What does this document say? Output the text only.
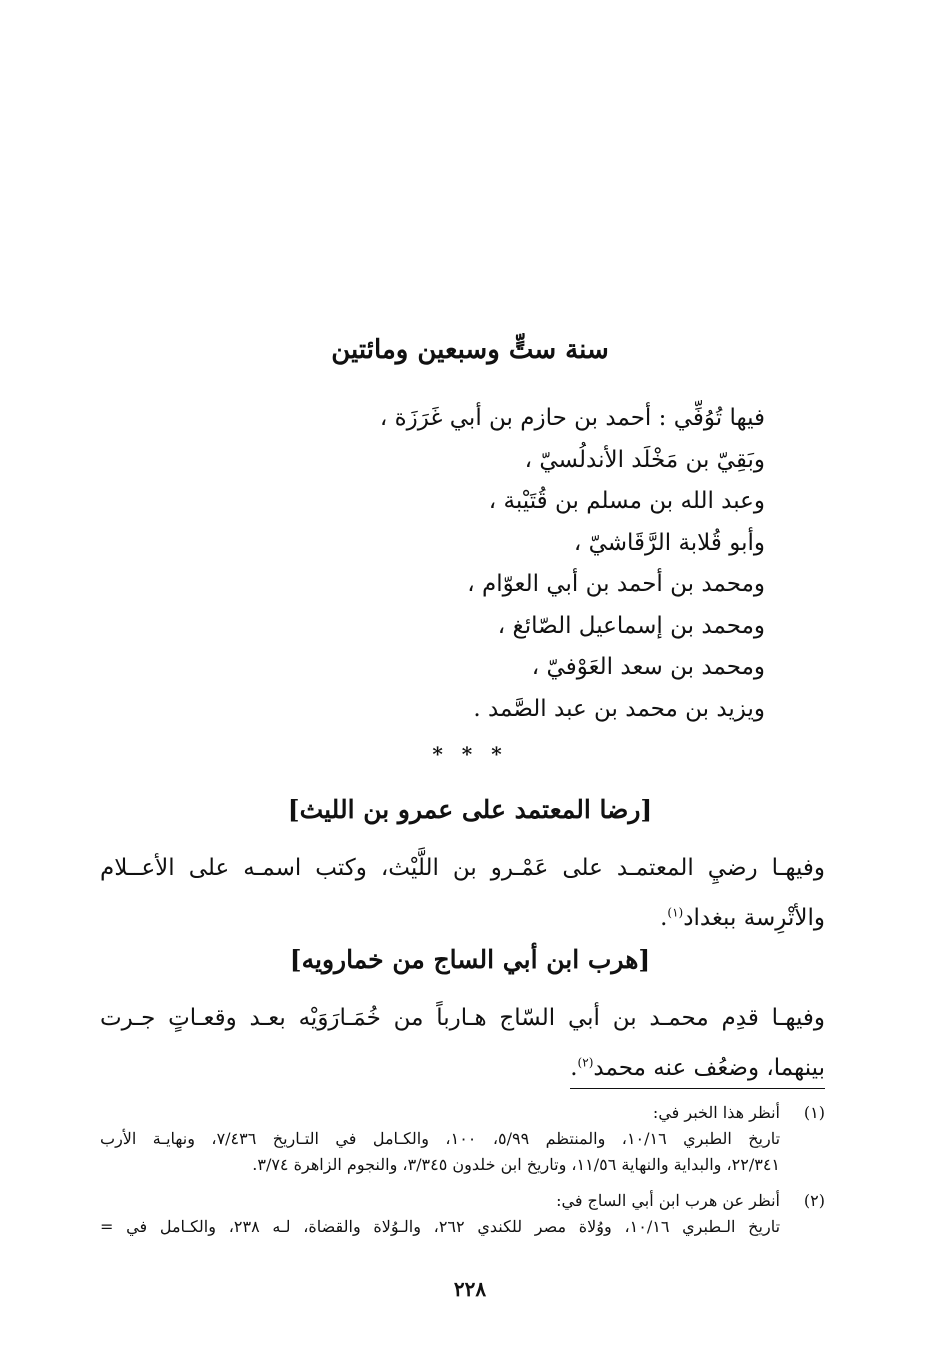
سنة ستٍّ وسبعين ومائتين
فيها تُوُفِّي : أحمد بن حازم بن أبي غَرَزَة ،
وبَقِيّ بن مَخْلَد الأندلُسيّ ،
وعبد الله بن مسلم بن قُتَيْبة ،
وأبو قُلابة الرَّقَاشيّ ،
ومحمد بن أحمد بن أبي العوّام ،
ومحمد بن إسماعيل الصّائغ ،
ومحمد بن سعد العَوْفيّ ،
ويزيد بن محمد بن عبد الصَّمد .
* * *
[رضا المعتمد على عمرو بن الليث]

وفيهـا رضيِ المعتمـد على عَمْـرو بن اللَّيْث، وكتب اسمـه على الأعــلام والأتْرِسة ببغداد$^{(١)}$.

[هرب ابن أبي الساج من خمارويه]

وفيهـا قدِم محمـد بن أبي السّاج هـارباً من خُمَـارَوَيْه بعـد وقعـاتٍ جـرت بينهما، وضعُف عنه محمد$^{(٢)}$.

(١)
أنظر هذا الخبر في:
تاريخ الطبري ١٠/١٦، والمنتظم ٥/٩٩، ١٠٠، والكـامل في التـاريخ ٧/٤٣٦، ونهايـة الأرب
٢٢/٣٤١، والبداية والنهاية ١١/٥٦، وتاريخ ابن خلدون ٣/٣٤٥، والنجوم الزاهرة ٣/٧٤.
(٢)
أنظر عن هرب ابن أبي الساج في:
تاريخ الـطبري ١٠/١٦، ووُلاة مصر للكندي ٢٦٢، والـوُلاة والقضاة، لـه ٢٣٨، والكـامل في =
٢٢٨
